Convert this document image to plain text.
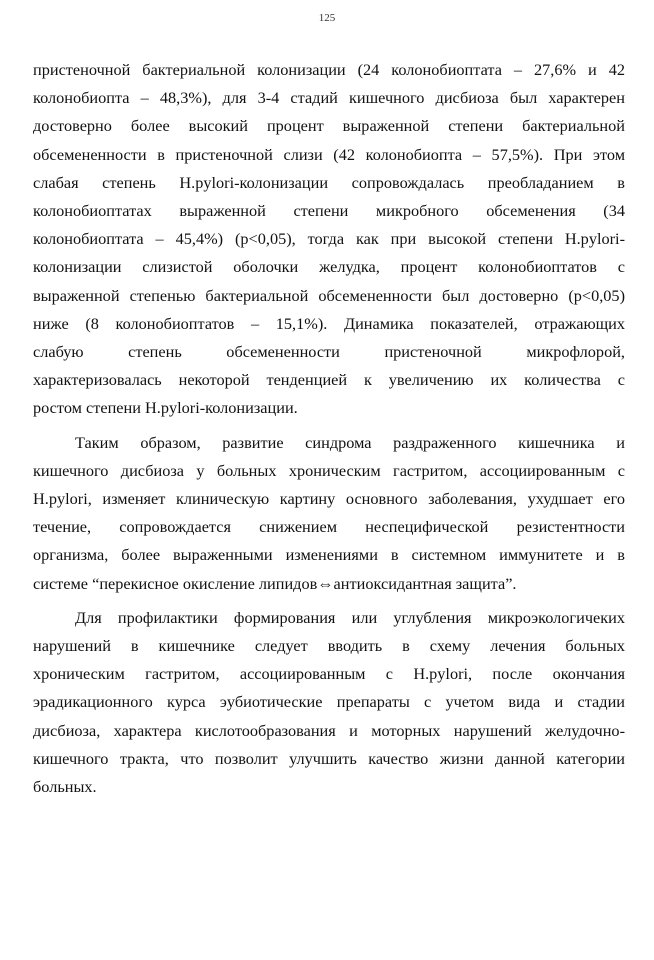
125

пристеночной бактериальной колонизации (24 колонобиоптата – 27,6% и 42
колонобиопта – 48,3%), для 3-4 стадий кишечного дисбиоза был характерен
достоверно более высокий процент выраженной степени бактериальной
обсемененности в пристеночной слизи (42 колонобиопта – 57,5%). При этом
слабая степень H.pylori-колонизации сопровождалась преобладанием в
колонобиоптатах выраженной степени микробного обсеменения (34
колонобиоптата – 45,4%) (p<0,05), тогда как при высокой степени H.pylori-
колонизации слизистой оболочки желудка, процент колонобиоптатов с
выраженной степенью бактериальной обсемененности был достоверно (p<0,05)
ниже (8 колонобиоптатов – 15,1%). Динамика показателей, отражающих
слабую степень обсемененности пристеночной микрофлорой,
характеризовалась некоторой тенденцией к увеличению их количества с
ростом степени H.pylori-колонизации.

Таким образом, развитие синдрома раздраженного кишечника и
кишечного дисбиоза у больных хроническим гастритом, ассоциированным с
H.pylori, изменяет клиническую картину основного заболевания, ухудшает его
течение, сопровождается снижением неспецифической резистентности
организма, более выраженными изменениями в системном иммунитете и в
системе “перекисное окисление липидов⇔антиоксидантная защита”.

Для профилактики формирования или углубления микроэкологичеких
нарушений в кишечнике следует вводить в схему лечения больных
хроническим гастритом, ассоциированным с H.pylori, после окончания
эрадикационного курса эубиотические препараты с учетом вида и стадии
дисбиоза, характера кислотообразования и моторных нарушений желудочно-
кишечного тракта, что позволит улучшить качество жизни данной категории
больных.
